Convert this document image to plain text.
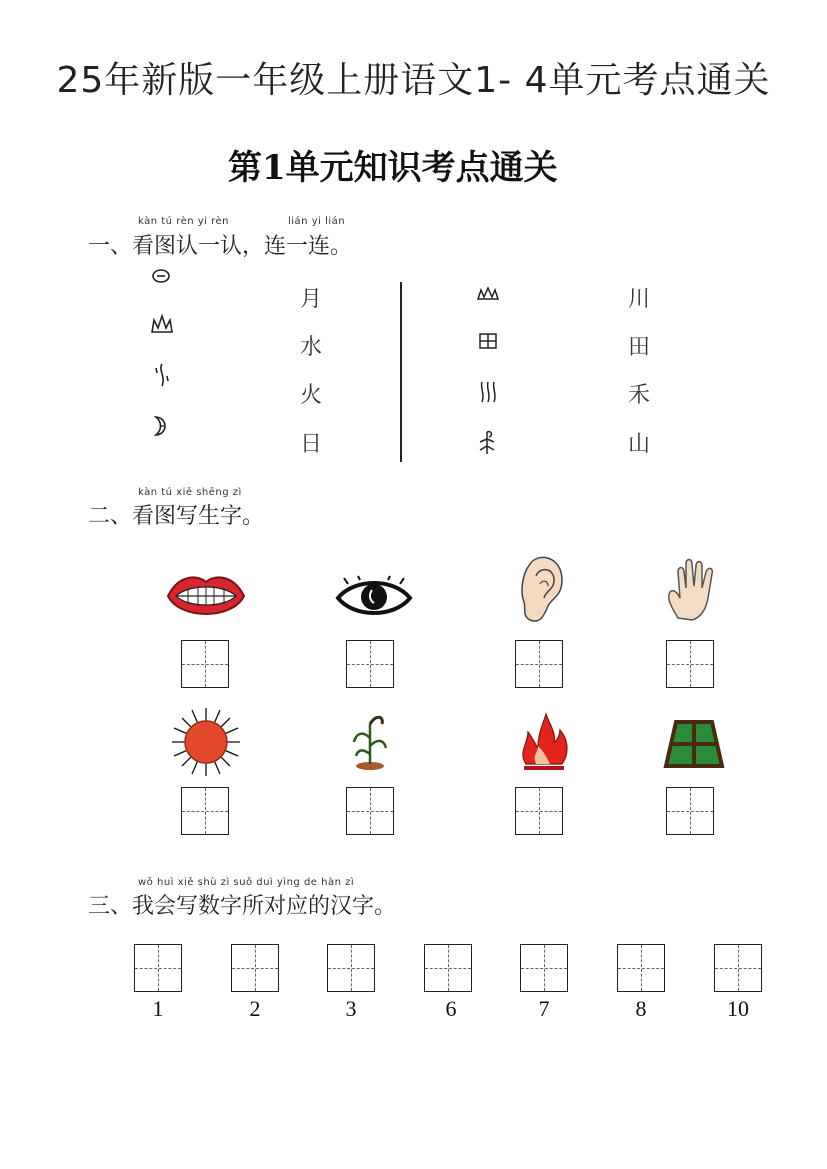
25年新版一年级上册语文1- 4单元考点通关
第1单元知识考点通关
kàn tú rèn yi rèn	lián yi lián
一、看图认一认，连一连。
月
水
火
日
川
田
禾
山
kàn tú xiě shēng zì
二、看图写生字。
wǒ huì xiě shù zì suǒ duì yìng de hàn zì
三、我会写数字所对应的汉字。
1	2	3	6	7	8	10
